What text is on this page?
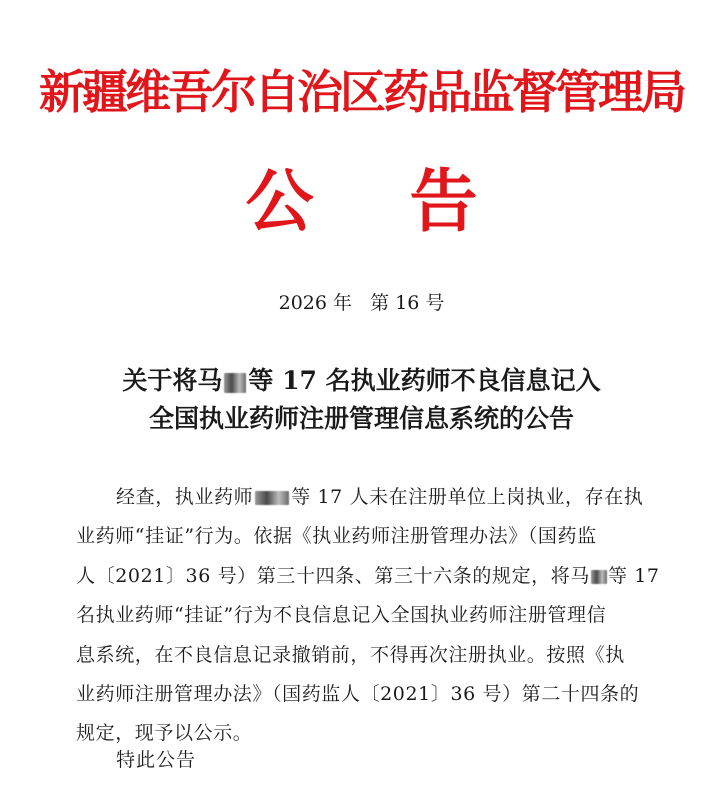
新疆维吾尔自治区药品监督管理局
公告
2026 年   第 16 号
关于将马 等 17 名执业药师不良信息记入
全国执业药师注册管理信息系统的公告
经查，执业药师 等 17 人未在注册单位上岗执业，存在执
业药师“挂证”行为。依据《执业药师注册管理办法》（国药监
人〔2021〕36 号）第三十四条、第三十六条的规定，将马 等 17
名执业药师“挂证”行为不良信息记入全国执业药师注册管理信
息系统，在不良信息记录撤销前，不得再次注册执业。按照《执
业药师注册管理办法》（国药监人〔2021〕36 号）第二十四条的
规定，现予以公示。
特此公告
